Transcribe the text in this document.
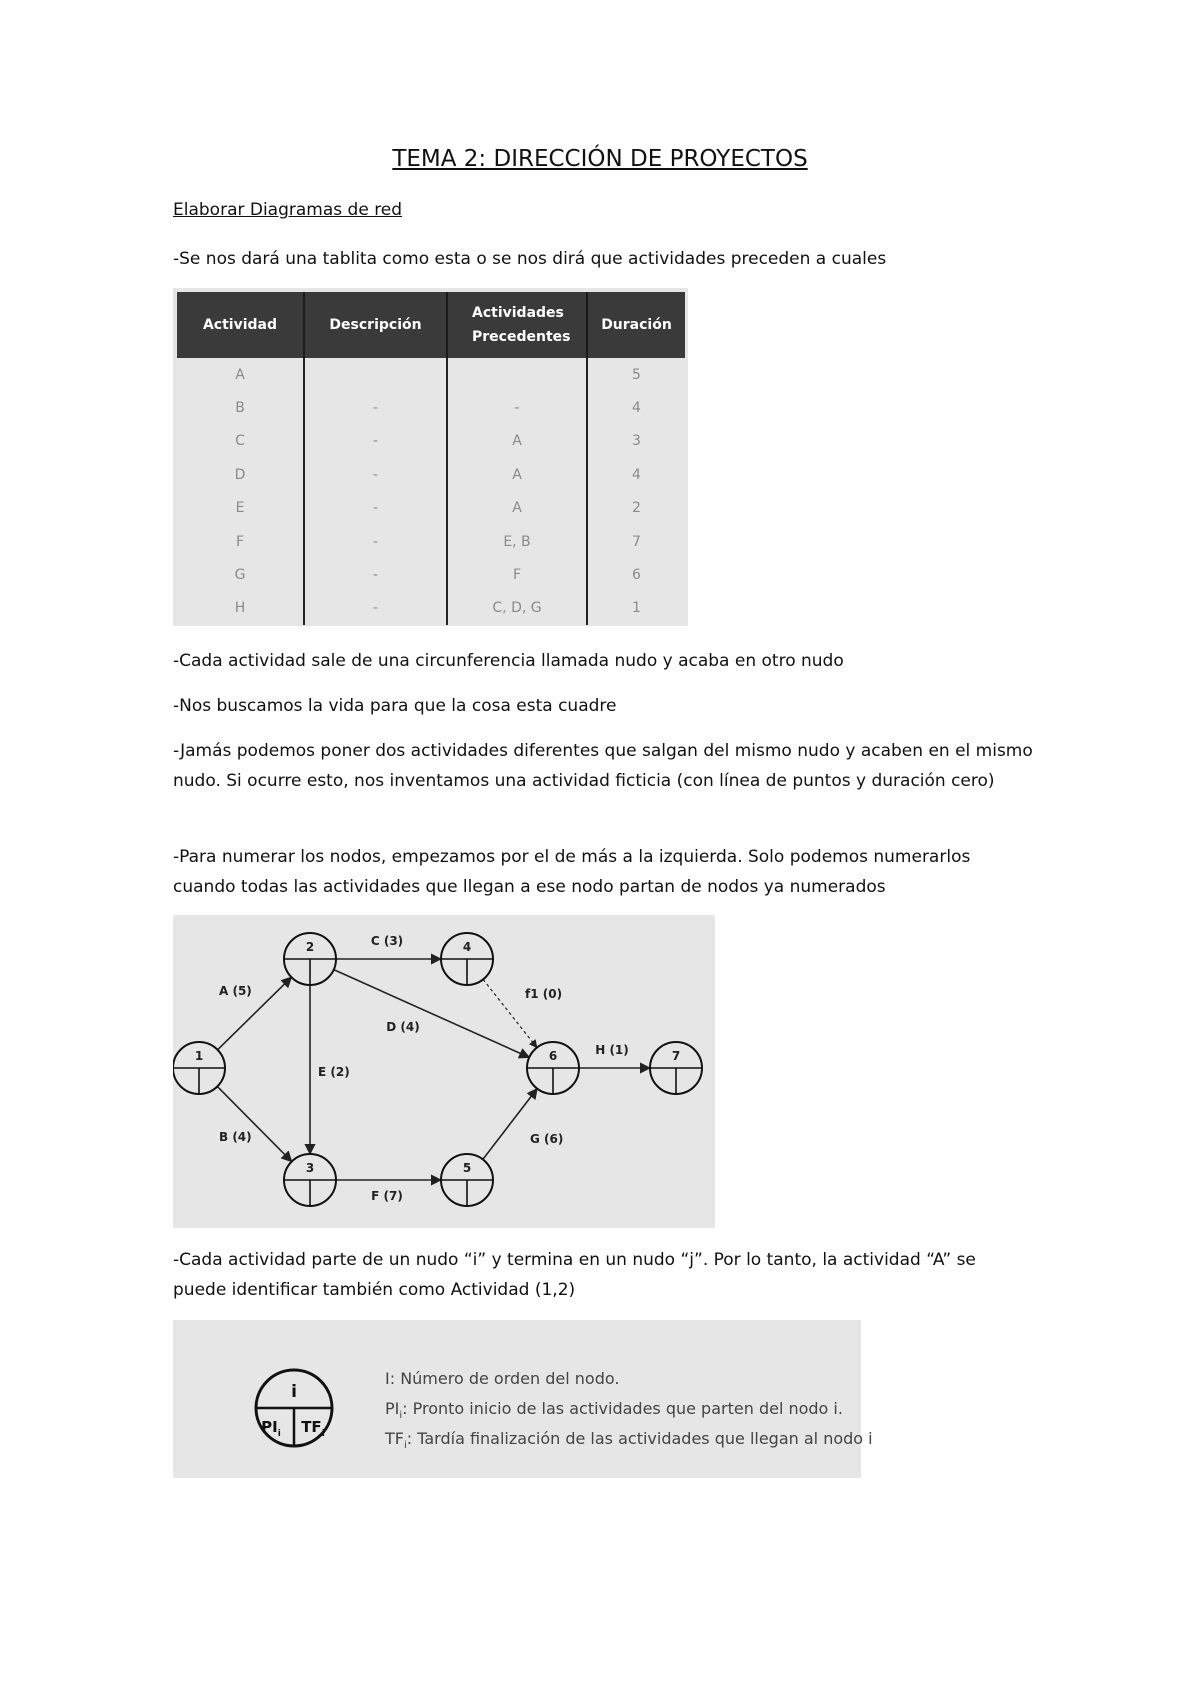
TEMA 2: DIRECCIÓN DE PROYECTOS
Elaborar Diagramas de red

-Se nos dará una tablita como esta o se nos dirá que actividades preceden a cuales

Actividad	Descripción	Actividades Precedentes	Duración
A			5
B	-	-	4
C	-	A	3
D	-	A	4
E	-	A	2
F	-	E, B	7
G	-	F	6
H	-	C, D, G	1

-Cada actividad sale de una circunferencia llamada nudo y acaba en otro nudo

-Nos buscamos la vida para que la cosa esta cuadre

-Jamás podemos poner dos actividades diferentes que salgan del mismo nudo y acaben en el mismo nudo. Si ocurre esto, nos inventamos una actividad ficticia (con línea de puntos y duración cero)

-Para numerar los nodos, empezamos por el de más a la izquierda. Solo podemos numerarlos cuando todas las actividades que llegan a ese nodo partan de nodos ya numerados

1
2
3
4
5
6	7
A (5)
B (4)
C (3)
D (4)
E (2)
F (7)
G (6)
f1 (0)
H (1)

-Cada actividad parte de un nudo “i” y termina en un nudo “j”. Por lo tanto, la actividad “A” se puede identificar también como Actividad (1,2)

i
$PI_i$ $TF_i$
I: Número de orden del nodo.
$PI_i$: Pronto inicio de las actividades que parten del nodo i.
$TF_i$: Tardía finalización de las actividades que llegan al nodo i
